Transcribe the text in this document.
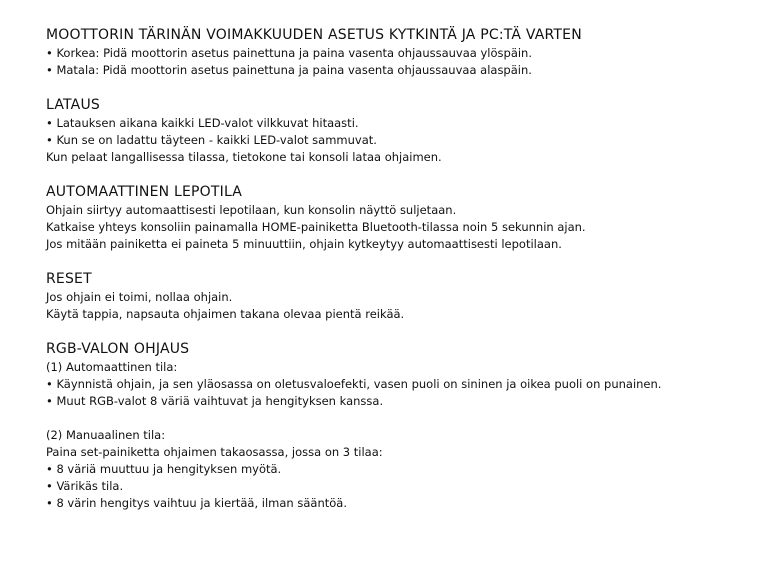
MOOTTORIN TÄRINÄN VOIMAKKUUDEN ASETUS KYTKINTÄ JA PC:TÄ VARTEN
• Korkea: Pidä moottorin asetus painettuna ja paina vasenta ohjaussauvaa ylöspäin.
• Matala: Pidä moottorin asetus painettuna ja paina vasenta ohjaussauvaa alaspäin.
LATAUS
• Latauksen aikana kaikki LED-valot vilkkuvat hitaasti.
• Kun se on ladattu täyteen - kaikki LED-valot sammuvat.
Kun pelaat langallisessa tilassa, tietokone tai konsoli lataa ohjaimen.
AUTOMAATTINEN LEPOTILA
Ohjain siirtyy automaattisesti lepotilaan, kun konsolin näyttö suljetaan.
Katkaise yhteys konsoliin painamalla HOME-painiketta Bluetooth-tilassa noin 5 sekunnin ajan.
Jos mitään painiketta ei paineta 5 minuuttiin, ohjain kytkeytyy automaattisesti lepotilaan.
RESET
Jos ohjain ei toimi, nollaa ohjain.
Käytä tappia, napsauta ohjaimen takana olevaa pientä reikää.
RGB-VALON OHJAUS
(1) Automaattinen tila:
• Käynnistä ohjain, ja sen yläosassa on oletusvaloefekti, vasen puoli on sininen ja oikea puoli on punainen.
• Muut RGB-valot 8 väriä vaihtuvat ja hengityksen kanssa.
(2) Manuaalinen tila:
Paina set-painiketta ohjaimen takaosassa, jossa on 3 tilaa:
• 8 väriä muuttuu ja hengityksen myötä.
• Värikäs tila.
• 8 värin hengitys vaihtuu ja kiertää, ilman sääntöä.
